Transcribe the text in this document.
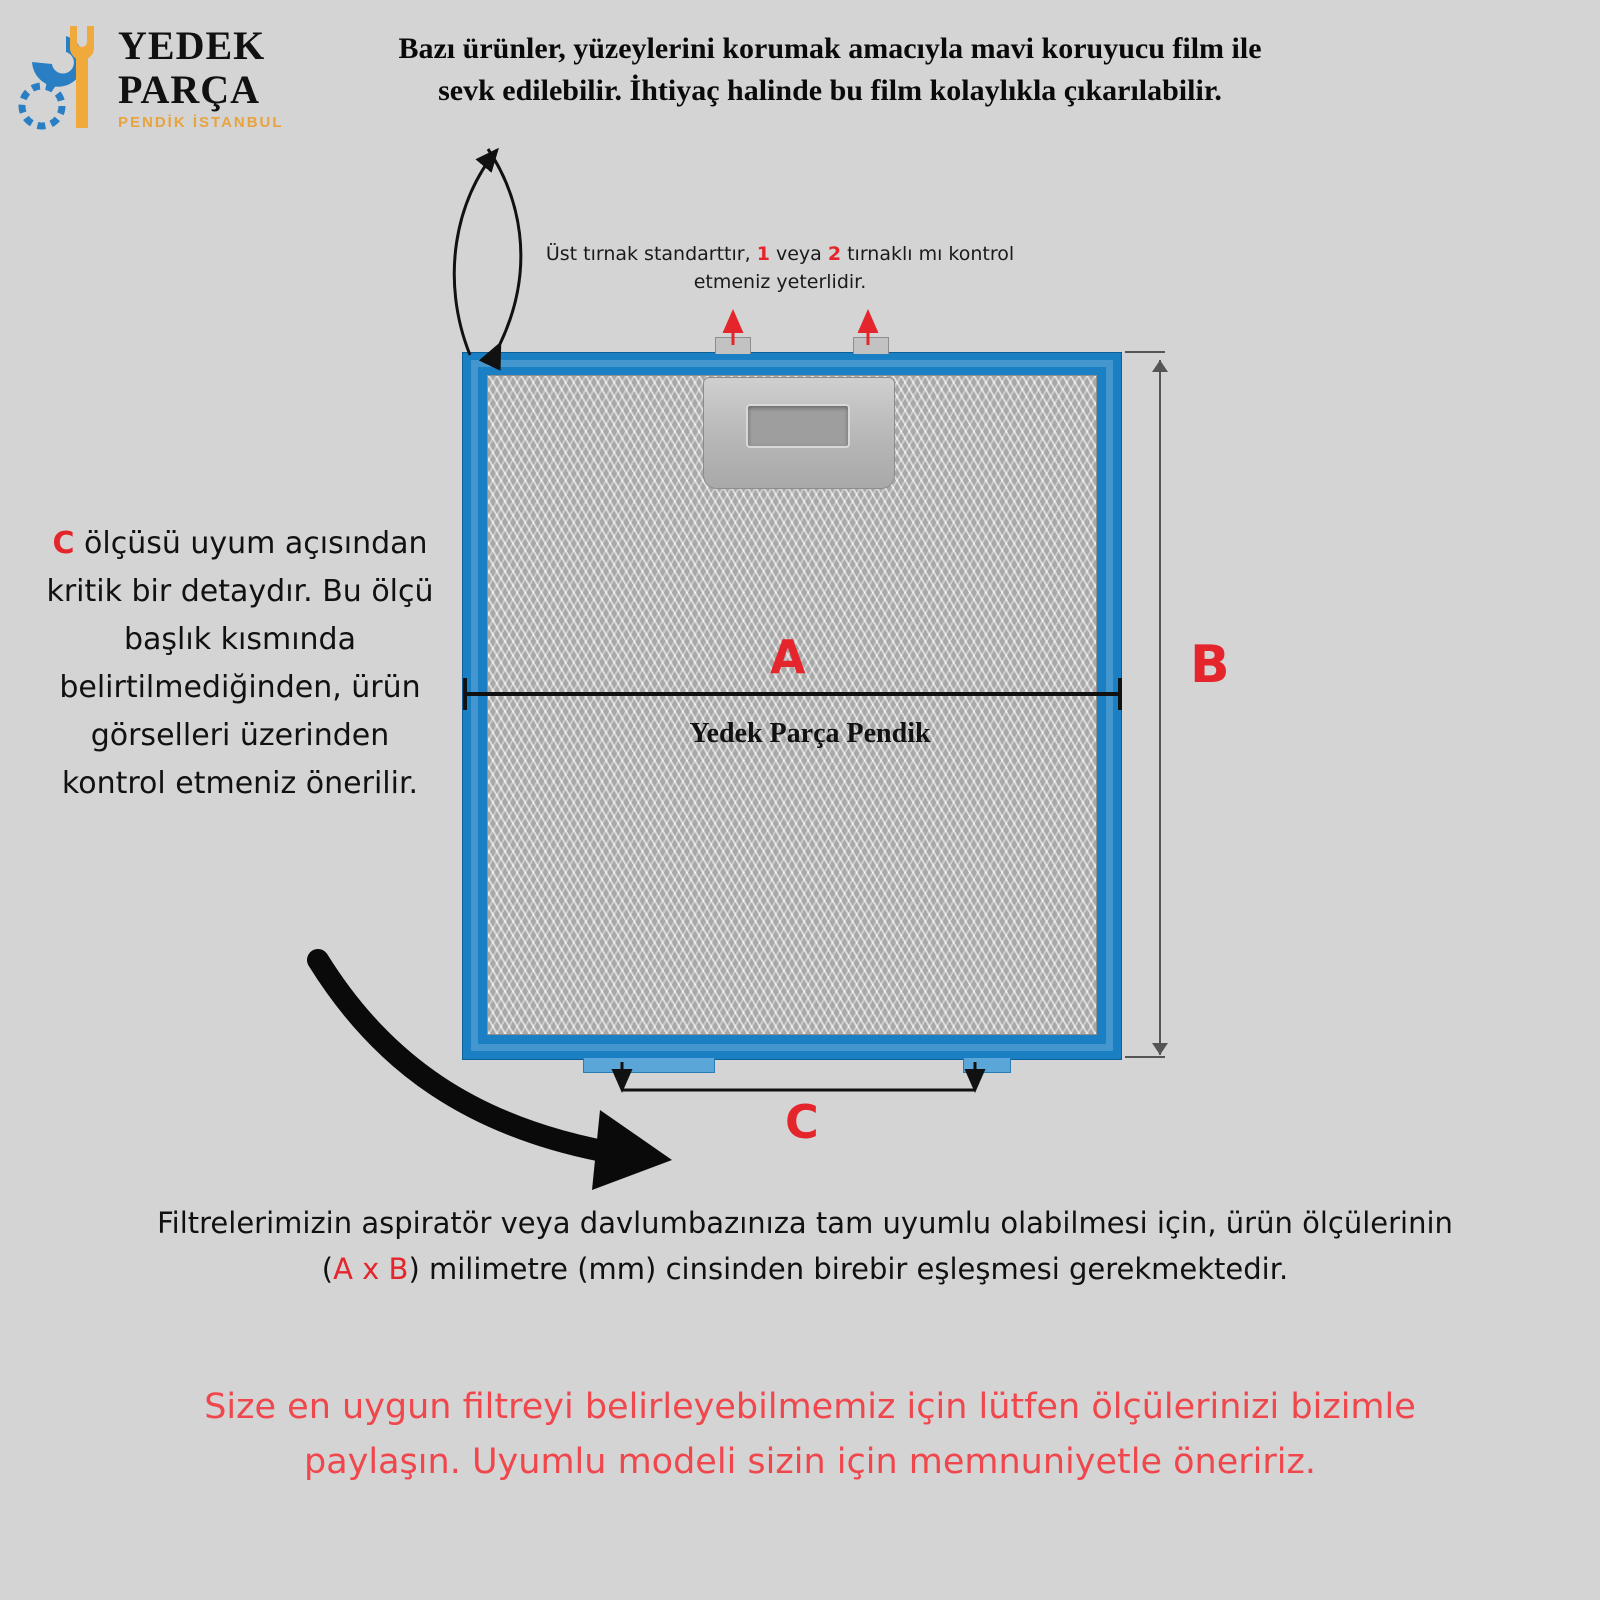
YEDEK
PARÇA
PENDİK İSTANBUL
Bazı ürünler, yüzeylerini korumak amacıyla mavi koruyucu film ile sevk edilebilir. İhtiyaç halinde bu film kolaylıkla çıkarılabilir.
Üst tırnak standarttır, 1 veya 2 tırnaklı mı kontrol etmeniz yeterlidir.
C ölçüsü uyum açısından kritik bir detaydır. Bu ölçü başlık kısmında belirtilmediğinden, ürün görselleri üzerinden kontrol etmeniz önerilir.
Yedek Parça Pendik
A	B
C
Filtrelerimizin aspiratör veya davlumbazınıza tam uyumlu olabilmesi için, ürün ölçülerinin (A x B) milimetre (mm) cinsinden birebir eşleşmesi gerekmektedir.
Size en uygun filtreyi belirleyebilmemiz için lütfen ölçülerinizi bizimle paylaşın. Uyumlu modeli sizin için memnuniyetle öneririz.
